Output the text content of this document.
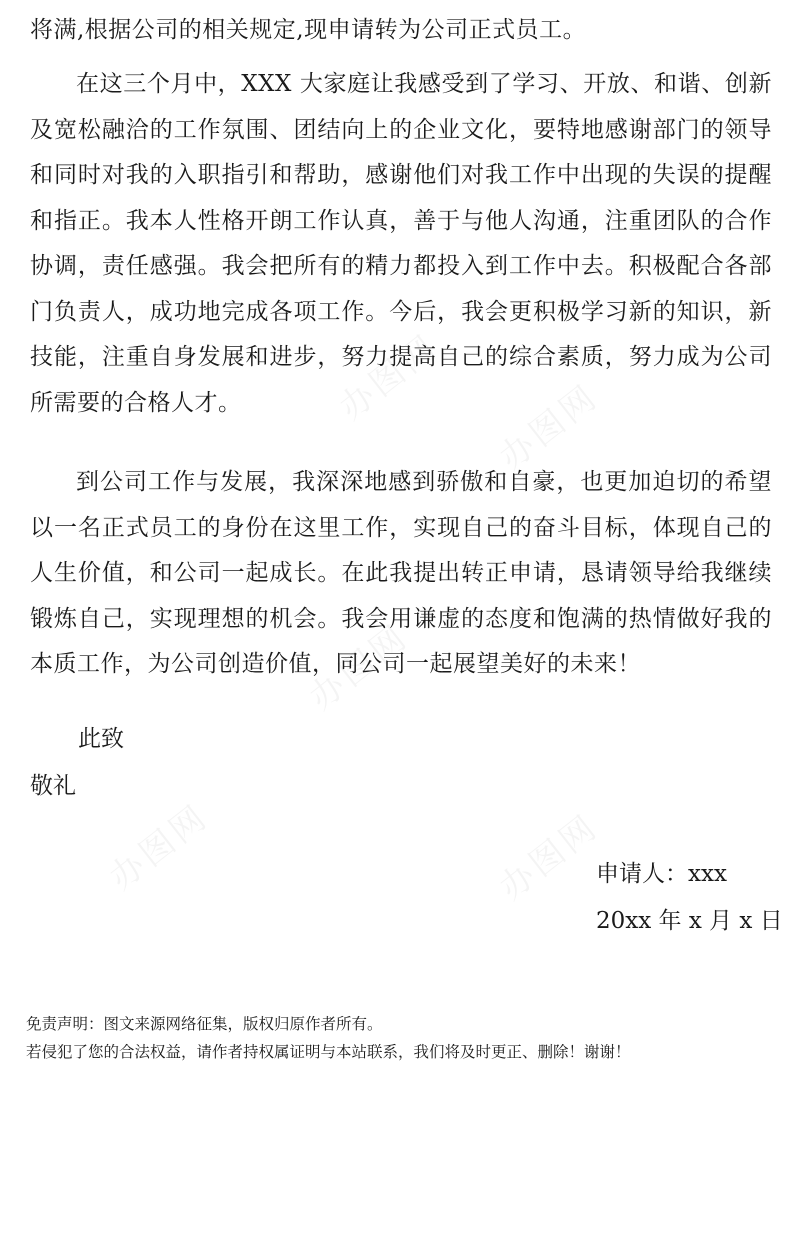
将满,根据公司的相关规定,现申请转为公司正式员工。

在这三个月中，XXX 大家庭让我感受到了学习、开放、和谐、创新及宽松融洽的工作氛围、团结向上的企业文化，要特地感谢部门的领导和同时对我的入职指引和帮助，感谢他们对我工作中出现的失误的提醒和指正。我本人性格开朗工作认真，善于与他人沟通，注重团队的合作协调，责任感强。我会把所有的精力都投入到工作中去。积极配合各部门负责人，成功地完成各项工作。今后，我会更积极学习新的知识，新技能，注重自身发展和进步，努力提高自己的综合素质，努力成为公司所需要的合格人才。

到公司工作与发展，我深深地感到骄傲和自豪，也更加迫切的希望以一名正式员工的身份在这里工作，实现自己的奋斗目标，体现自己的人生价值，和公司一起成长。在此我提出转正申请，恳请领导给我继续锻炼自己，实现理想的机会。我会用谦虚的态度和饱满的热情做好我的本质工作，为公司创造价值，同公司一起展望美好的未来！

此致
敬礼
申请人：xxx
20xx 年 x 月 x 日
免责声明：图文来源网络征集，版权归原作者所有。
若侵犯了您的合法权益，请作者持权属证明与本站联系，我们将及时更正、删除！谢谢！
